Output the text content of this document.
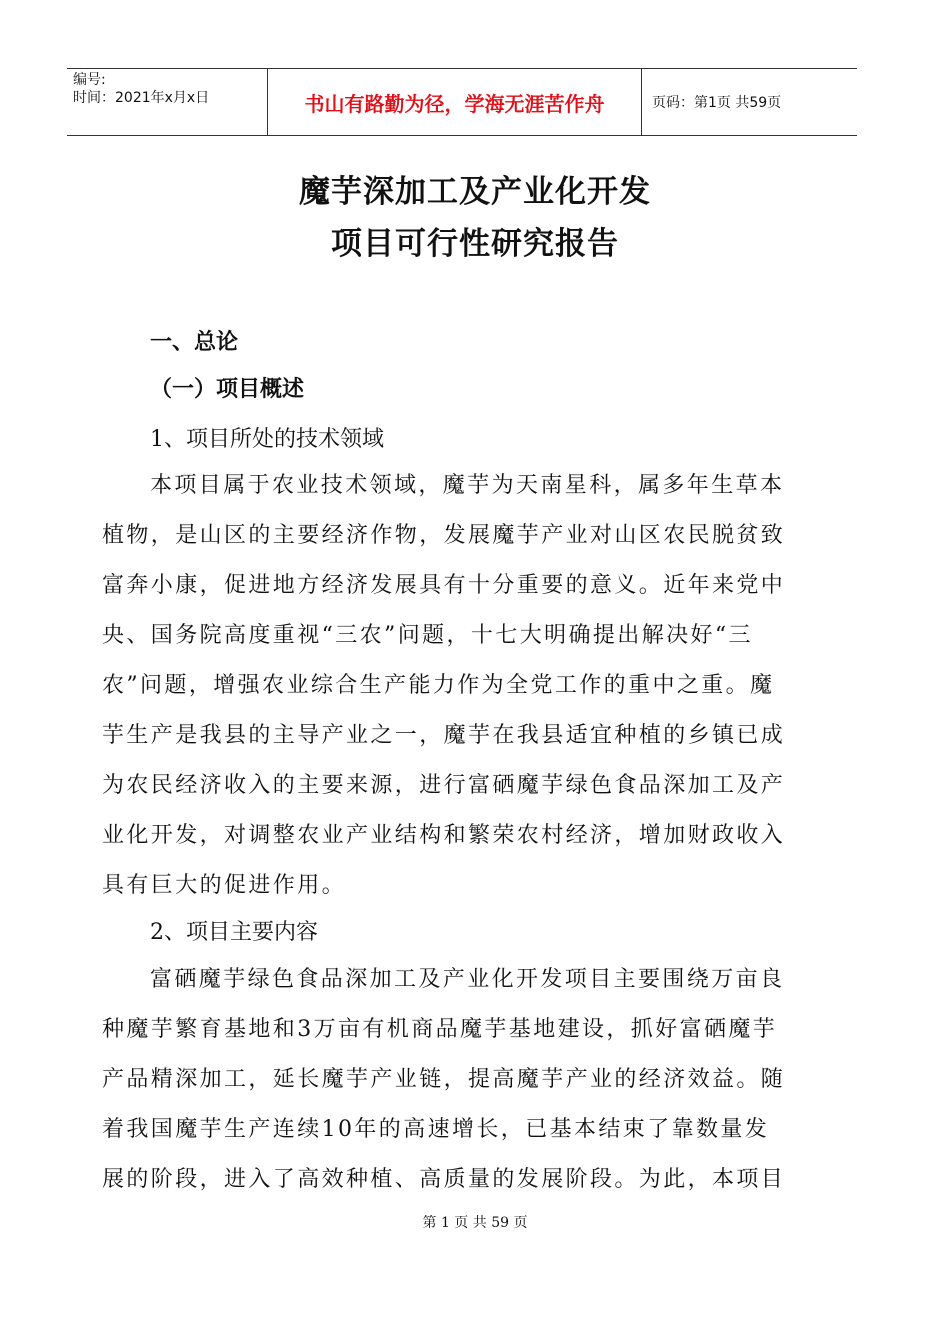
编号:
时间：2021年x月x日	书山有路勤为径，学海无涯苦作舟	页码：第1页 共59页
魔芋深加工及产业化开发
项目可行性研究报告
一、总论
（一）项目概述
1、项目所处的技术领域
本项目属于农业技术领域，魔芋为天南星科，属多年生草本
植物，是山区的主要经济作物，发展魔芋产业对山区农民脱贫致
富奔小康，促进地方经济发展具有十分重要的意义。近年来党中
央、国务院高度重视“三农”问题，十七大明确提出解决好“三
农”问题，增强农业综合生产能力作为全党工作的重中之重。魔
芋生产是我县的主导产业之一，魔芋在我县适宜种植的乡镇已成
为农民经济收入的主要来源，进行富硒魔芋绿色食品深加工及产
业化开发，对调整农业产业结构和繁荣农村经济，增加财政收入
具有巨大的促进作用。
2、项目主要内容
富硒魔芋绿色食品深加工及产业化开发项目主要围绕万亩良
种魔芋繁育基地和3万亩有机商品魔芋基地建设，抓好富硒魔芋
产品精深加工，延长魔芋产业链，提高魔芋产业的经济效益。随
着我国魔芋生产连续10年的高速增长，已基本结束了靠数量发
展的阶段，进入了高效种植、高质量的发展阶段。为此，本项目
第 1 页 共 59 页
